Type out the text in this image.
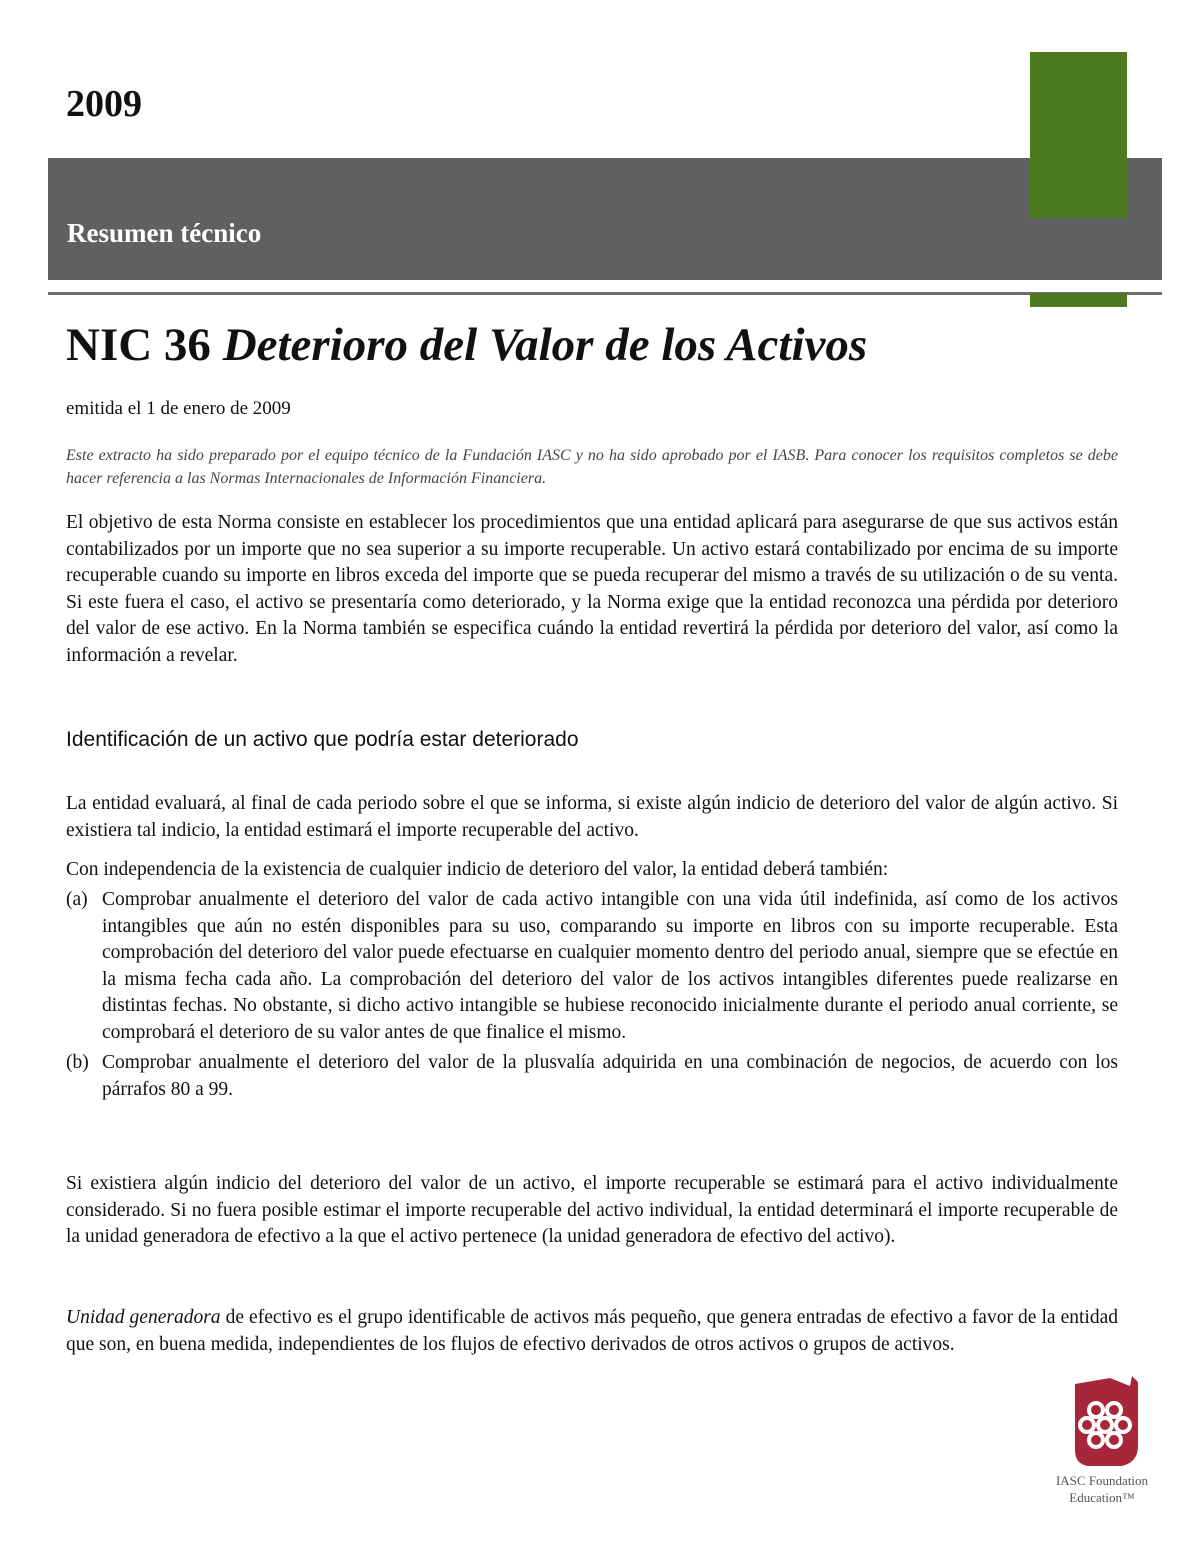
2009
Resumen técnico
NIC 36 Deterioro del Valor de los Activos
emitida el 1 de enero de 2009
Este extracto ha sido preparado por el equipo técnico de la Fundación IASC y no ha sido aprobado por el IASB. Para conocer los requisitos completos se debe hacer referencia a las Normas Internacionales de Información Financiera.

El objetivo de esta Norma consiste en establecer los procedimientos que una entidad aplicará para asegurarse de que sus activos están contabilizados por un importe que no sea superior a su importe recuperable. Un activo estará contabilizado por encima de su importe recuperable cuando su importe en libros exceda del importe que se pueda recuperar del mismo a través de su utilización o de su venta. Si este fuera el caso, el activo se presentaría como deteriorado, y la Norma exige que la entidad reconozca una pérdida por deterioro del valor de ese activo. En la Norma también se especifica cuándo la entidad revertirá la pérdida por deterioro del valor, así como la información a revelar.

Identificación de un activo que podría estar deteriorado

La entidad evaluará, al final de cada periodo sobre el que se informa, si existe algún indicio de deterioro del valor de algún activo. Si existiera tal indicio, la entidad estimará el importe recuperable del activo.

Con independencia de la existencia de cualquier indicio de deterioro del valor, la entidad deberá también:

(a) Comprobar anualmente el deterioro del valor de cada activo intangible con una vida útil indefinida, así como de los activos intangibles que aún no estén disponibles para su uso, comparando su importe en libros con su importe recuperable. Esta comprobación del deterioro del valor puede efectuarse en cualquier momento dentro del periodo anual, siempre que se efectúe en la misma fecha cada año. La comprobación del deterioro del valor de los activos intangibles diferentes puede realizarse en distintas fechas. No obstante, si dicho activo intangible se hubiese reconocido inicialmente durante el periodo anual corriente, se comprobará el deterioro de su valor antes de que finalice el mismo.
(b) Comprobar anualmente el deterioro del valor de la plusvalía adquirida en una combinación de negocios, de acuerdo con los párrafos 80 a 99.

Si existiera algún indicio del deterioro del valor de un activo, el importe recuperable se estimará para el activo individualmente considerado. Si no fuera posible estimar el importe recuperable del activo individual, la entidad determinará el importe recuperable de la unidad generadora de efectivo a la que el activo pertenece (la unidad generadora de efectivo del activo).

Unidad generadora de efectivo es el grupo identificable de activos más pequeño, que genera entradas de efectivo a favor de la entidad que son, en buena medida, independientes de los flujos de efectivo derivados de otros activos o grupos de activos.

IASC Foundation
Education™
